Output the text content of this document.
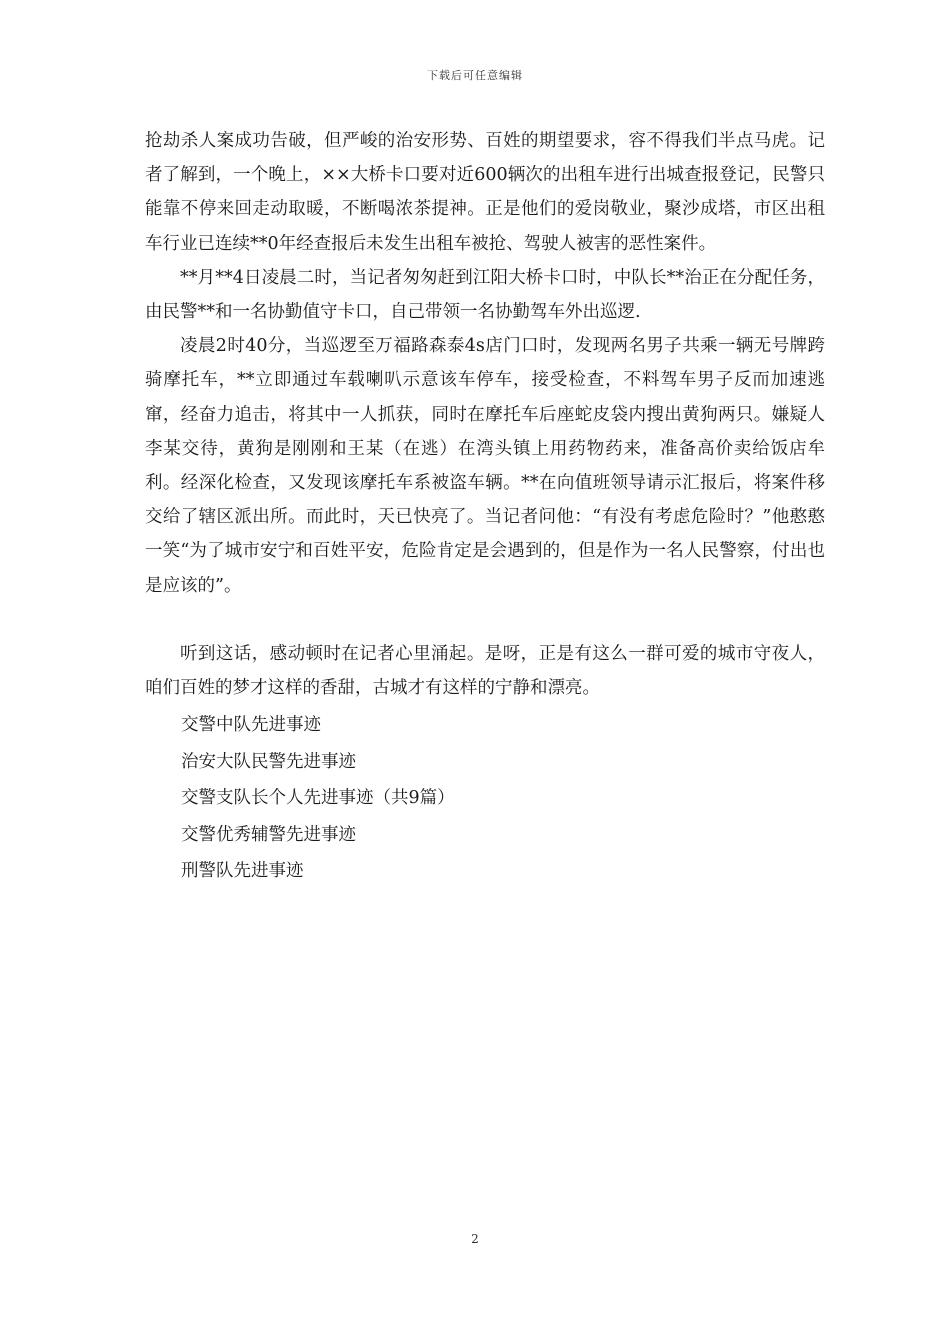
下载后可任意编辑

抢劫杀人案成功告破，但严峻的治安形势、百姓的期望要求，容不得我们半点马虎。记者了解到，一个晚上，××大桥卡口要对近600辆次的出租车进行出城查报登记，民警只能靠不停来回走动取暖，不断喝浓茶提神。正是他们的爱岗敬业，聚沙成塔，市区出租车行业已连续**0年经查报后未发生出租车被抢、驾驶人被害的恶性案件。

**月**4日凌晨二时，当记者匆匆赶到江阳大桥卡口时，中队长**治正在分配任务，由民警**和一名协勤值守卡口，自己带领一名协勤驾车外出巡逻.

凌晨2时40分，当巡逻至万福路森泰4s店门口时，发现两名男子共乘一辆无号牌跨骑摩托车，**立即通过车载喇叭示意该车停车，接受检查，不料驾车男子反而加速逃窜，经奋力追击，将其中一人抓获，同时在摩托车后座蛇皮袋内搜出黄狗两只。嫌疑人李某交待，黄狗是刚刚和王某（在逃）在湾头镇上用药物药来，准备高价卖给饭店牟利。经深化检查，又发现该摩托车系被盗车辆。**在向值班领导请示汇报后，将案件移交给了辖区派出所。而此时，天已快亮了。当记者问他：“有没有考虑危险时？”他憨憨一笑“为了城市安宁和百姓平安，危险肯定是会遇到的，但是作为一名人民警察，付出也是应该的”。

听到这话，感动顿时在记者心里涌起。是呀，正是有这么一群可爱的城市守夜人，咱们百姓的梦才这样的香甜，古城才有这样的宁静和漂亮。

交警中队先进事迹
治安大队民警先进事迹
交警支队长个人先进事迹（共9篇）
交警优秀辅警先进事迹
刑警队先进事迹
2
